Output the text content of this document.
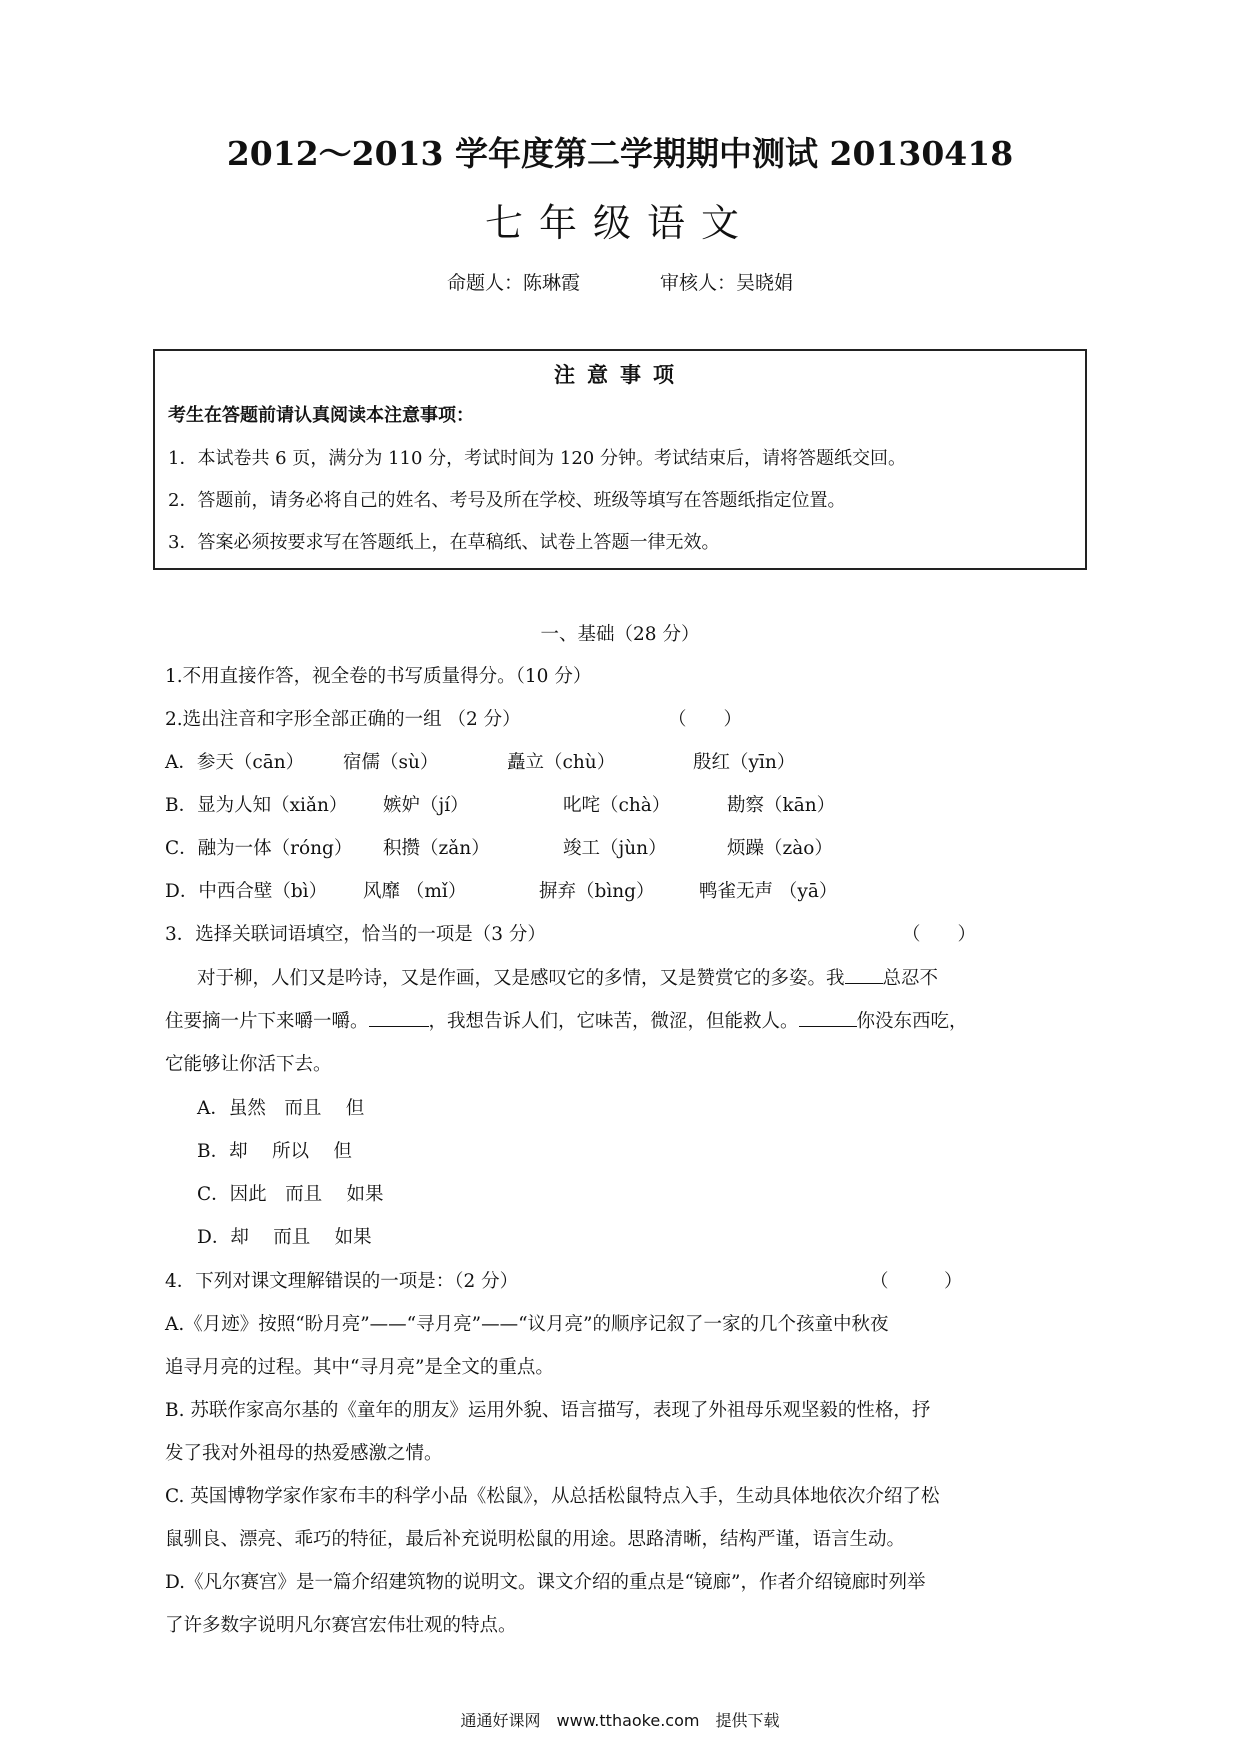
2012～2013 学年度第二学期期中测试 20130418
七年级语文
命题人：陈琳霞	审核人：吴晓娟
注意事项
考生在答题前请认真阅读本注意事项：
1．本试卷共 6 页，满分为 110 分，考试时间为 120 分钟。考试结束后，请将答题纸交回。
2．答题前，请务必将自己的姓名、考号及所在学校、班级等填写在答题纸指定位置。
3．答案必须按要求写在答题纸上，在草稿纸、试卷上答题一律无效。
一、基础（28 分）
1.不用直接作答，视全卷的书写质量得分。（10 分）
2.选出注音和字形全部正确的一组 （2 分）	（　　）
A．参天（cān） 宿儒（sù）	矗立（chù）	殷红（yīn）
B．显为人知（xiǎn） 嫉妒（jí）	叱咤（chà）	勘察（kān）
C．融为一体（róng） 积攒（zǎn）	竣工（jùn）	烦躁（zào）
D．中西合壁（bì） 风靡 （mǐ）	摒弃（bìng） 鸭雀无声 （yā）
3．选择关联词语填空，恰当的一项是（3 分）	（　　）
对于柳，人们又是吟诗，又是作画，又是感叹它的多情，又是赞赏它的多姿。我 总忍不
住要摘一片下来嚼一嚼。	，我想告诉人们，它味苦，微涩，但能救人。	你没东西吃，
它能够让你活下去。
A．虽然　而且　 但
B．却　 所以　 但
C．因此　而且　 如果
D．却　 而且　 如果
4．下列对课文理解错误的一项是：（2 分）	（　　　）
A.《月迹》按照“盼月亮”——“寻月亮”——“议月亮”的顺序记叙了一家的几个孩童中秋夜
追寻月亮的过程。其中“寻月亮”是全文的重点。
B. 苏联作家高尔基的《童年的朋友》运用外貌、语言描写，表现了外祖母乐观坚毅的性格，抒
发了我对外祖母的热爱感激之情。
C. 英国博物学家作家布丰的科学小品《松鼠》，从总括松鼠特点入手，生动具体地依次介绍了松
鼠驯良、漂亮、乖巧的特征，最后补充说明松鼠的用途。思路清晰，结构严谨，语言生动。
D.《凡尔赛宫》是一篇介绍建筑物的说明文。课文介绍的重点是“镜廊”，作者介绍镜廊时列举
了许多数字说明凡尔赛宫宏伟壮观的特点。
通通好课网　www.tthaoke.com　提供下载
